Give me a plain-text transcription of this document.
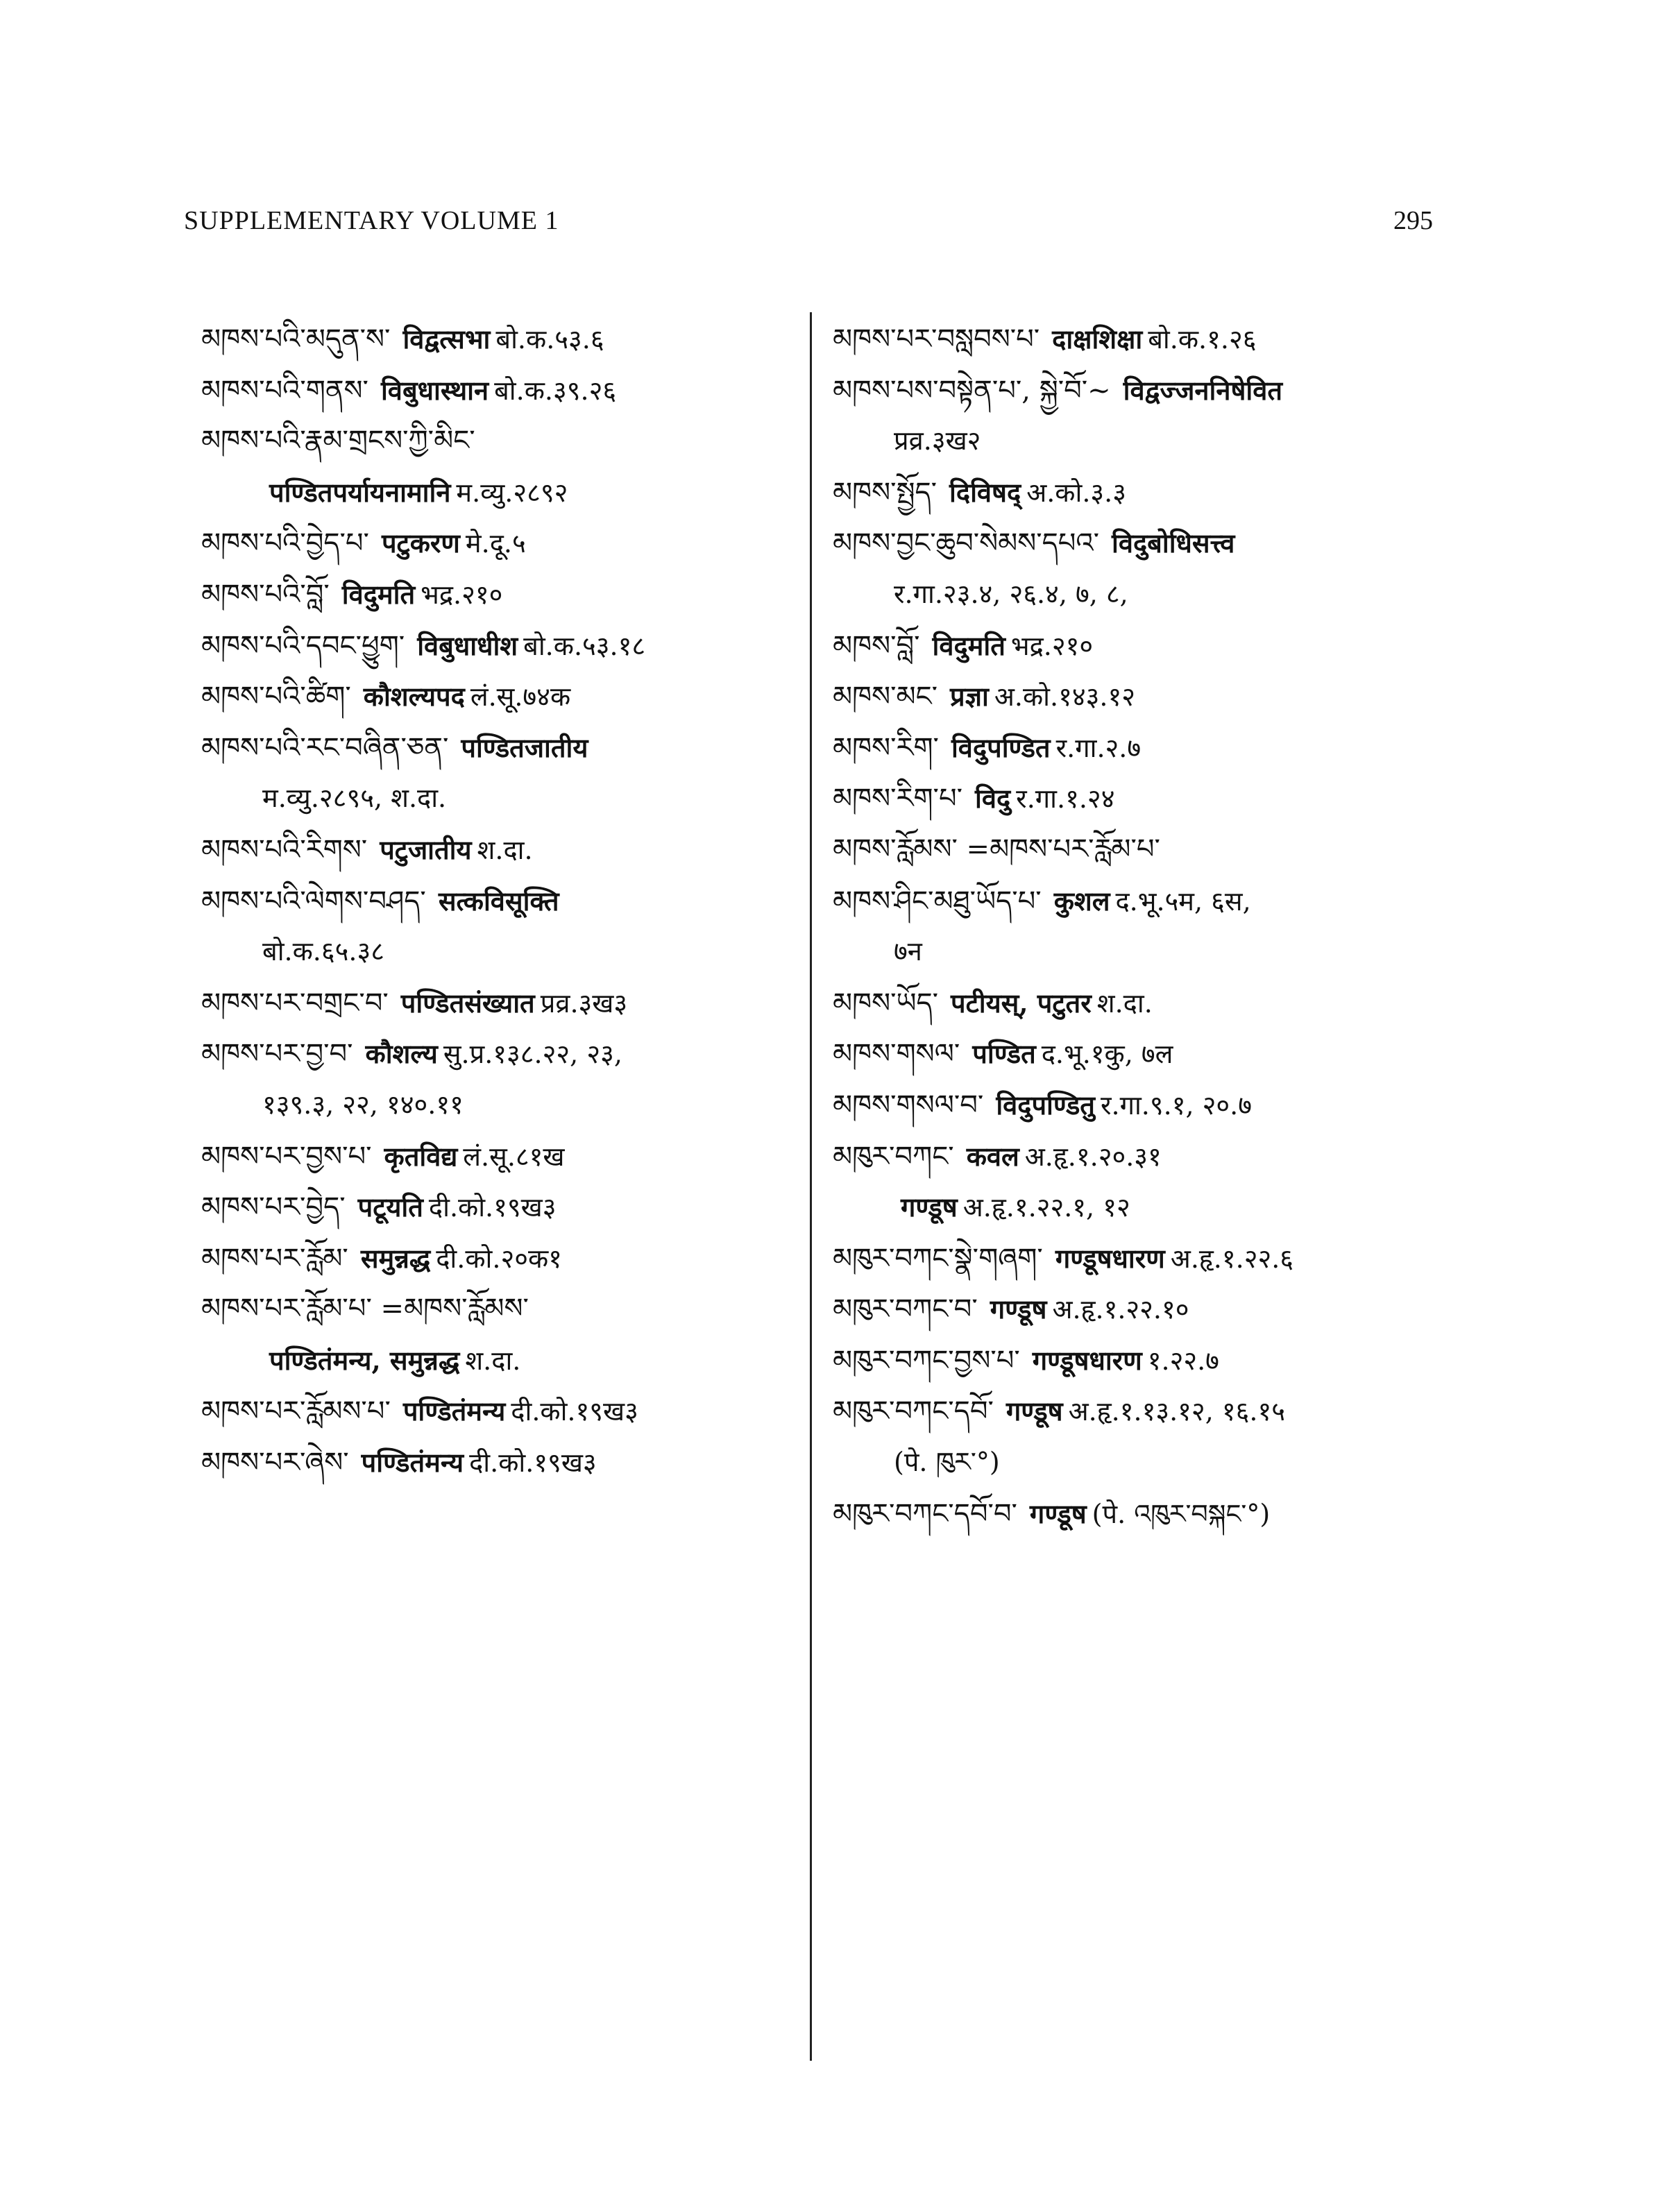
SUPPLEMENTARY VOLUME 1	295
མཁས་པའི་མདུན་ས་ विद्वत्सभा बो.क.५३.६
མཁས་པའི་གནས་ विबुधास्थान बो.क.३९.२६
མཁས་པའི་རྣམ་གྲངས་ཀྱི་མིང་
पण्डितपर्यायनामानि म.व्यु.२८९२
མཁས་པའི་བྱེད་པ་ पटुकरण मे.दू.५
མཁས་པའི་བློ་ विदुमति भद्र.२१०
མཁས་པའི་དབང་ཕྱུག་ विबुधाधीश बो.क.५३.१८
མཁས་པའི་ཚིག་ कौशल्यपद लं.सू.७४क
མཁས་པའི་རང་བཞིན་ཅན་ पण्डितजातीय
म.व्यु.२८९५, श.दा.
མཁས་པའི་རིགས་ पटुजातीय श.दा.
མཁས་པའི་ལེགས་བཤད་ सत्कविसूक्ति
बो.क.६५.३८
མཁས་པར་བགྲང་བ་ पण्डितसंख्यात प्रव्र.३ख३
མཁས་པར་བྱ་བ་ कौशल्य सु.प्र.१३८.२२, २३,
१३९.३, २२, १४०.११
མཁས་པར་བྱས་པ་ कृतविद्य लं.सू.८१ख
མཁས་པར་བྱེད་ पटूयति दी.को.१९ख३
མཁས་པར་རློམ་ समुन्नद्ध दी.को.२०क१
མཁས་པར་རློམ་པ་ =མཁས་རློམས་
पण्डितंमन्य, समुन्नद्ध श.दा.
མཁས་པར་རློམས་པ་ पण्डितंमन्य दी.को.१९ख३
མཁས་པར་ཞེས་ पण्डितंमन्य दी.को.१९ख३
མཁས་པར་བསླབས་པ་ दाक्षशिक्षा बो.क.१.२६
མཁས་པས་བསྟེན་པ་, སྐྱེ་བོ་~ विद्वज्जननिषेवित
प्रव्र.३ख२
མཁས་སྤྱོད་ दिविषद् अ.को.३.३
མཁས་བྱང་ཆུབ་སེམས་དཔའ་ विदुबोधिसत्त्व
र.गा.२३.४, २६.४, ७, ८,
མཁས་བློ་ विदुमति भद्र.२१०
མཁས་མང་ प्रज्ञा अ.को.१४३.१२
མཁས་རིག་ विदुपण्डित र.गा.२.७
མཁས་རིག་པ་ विदु र.गा.१.२४
མཁས་རློམས་ =མཁས་པར་རློམ་པ་
མཁས་ཤིང་མཐུ་ཡོད་པ་ कुशल द.भू.५म, ६स,
७न
མཁས་ཡོད་ पटीयस्, पटुतर श.दा.
མཁས་གསལ་ पण्डित द.भू.१कु, ७ल
མཁས་གསལ་བ་ विदुपण्डितु र.गा.९.१, २०.७
མཁུར་བཀང་ कवल अ.हृ.१.२०.३१
गण्डूष अ.हृ.१.२२.१, १२
མཁུར་བཀང་སྣེ་གཞག་ गण्डूषधारण अ.हृ.१.२२.६
མཁུར་བཀང་བ་ गण्डूष अ.हृ.१.२२.१०
མཁུར་བཀང་བྱས་པ་ गण्डूषधारण १.२२.७
མཁུར་བཀང་དབོ་ गण्डूष अ.हृ.१.१३.१२, १६.१५
(पे. ཁུར་°)
མཁུར་བཀང་དབོ་བ་ गण्डूष (पे. འཁུར་བསྐང་°)
